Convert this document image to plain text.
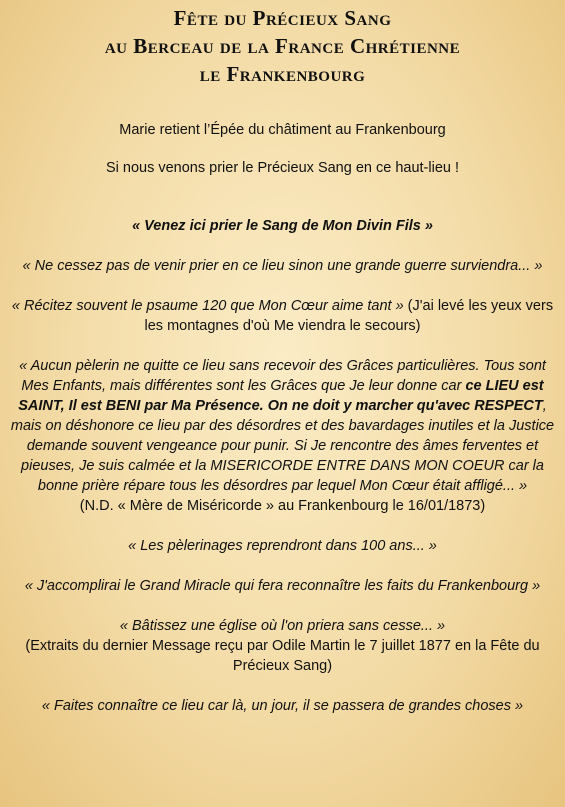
Fête du Précieux Sang
au Berceau de la France Chrétienne
le Frankenbourg

Marie retient l’Épée du châtiment au Frankenbourg

Si nous venons prier le Précieux Sang en ce haut-lieu !

« Venez ici prier le Sang de Mon Divin Fils »

« Ne cessez pas de venir prier en ce lieu sinon une grande guerre surviendra... »

« Récitez souvent le psaume 120 que Mon Cœur aime tant » (J'ai levé les yeux vers les montagnes d'où Me viendra le secours)

« Aucun pèlerin ne quitte ce lieu sans recevoir des Grâces particulières. Tous sont Mes Enfants, mais différentes sont les Grâces que Je leur donne car ce LIEU est SAINT, Il est BENI par Ma Présence. On ne doit y marcher qu'avec RESPECT, mais on déshonore ce lieu par des désordres et des bavardages inutiles et la Justice demande souvent vengeance pour punir. Si Je rencontre des âmes ferventes et pieuses, Je suis calmée et la MISERICORDE ENTRE DANS MON COEUR car la bonne prière répare tous les désordres par lequel Mon Cœur était affligé... »

(N.D. « Mère de Miséricorde » au Frankenbourg le 16/01/1873)

« Les pèlerinages reprendront dans 100 ans... »

« J'accomplirai le Grand Miracle qui fera reconnaître les faits du Frankenbourg »

« Bâtissez une église où l'on priera sans cesse... »

(Extraits du dernier Message reçu par Odile Martin le 7 juillet 1877 en la Fête du Précieux Sang)

« Faites connaître ce lieu car là, un jour, il se passera de grandes choses »
